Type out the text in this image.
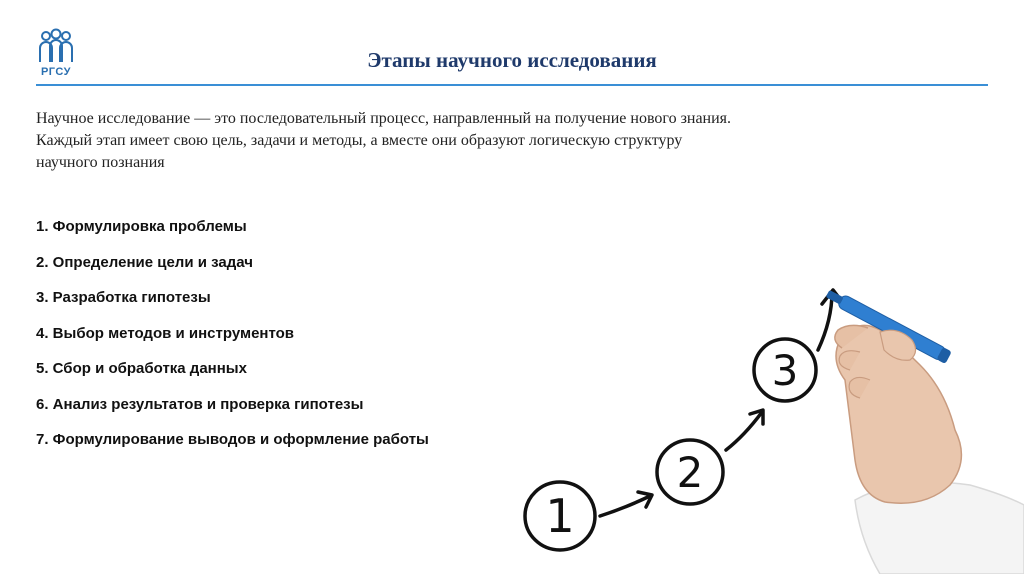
РГСУ	Этапы научного исследования

Научное исследование — это последовательный процесс, направленный на получение нового знания.

Каждый этап имеет свою цель, задачи и методы, а вместе они образуют логическую структуру

научного познания

1. Формулировка проблемы
2. Определение цели и задач
3. Разработка гипотезы
4. Выбор методов и инструментов
5. Сбор и обработка данных
6. Анализ результатов и проверка гипотезы
7. Формулирование выводов и оформление работы
1
2
3
